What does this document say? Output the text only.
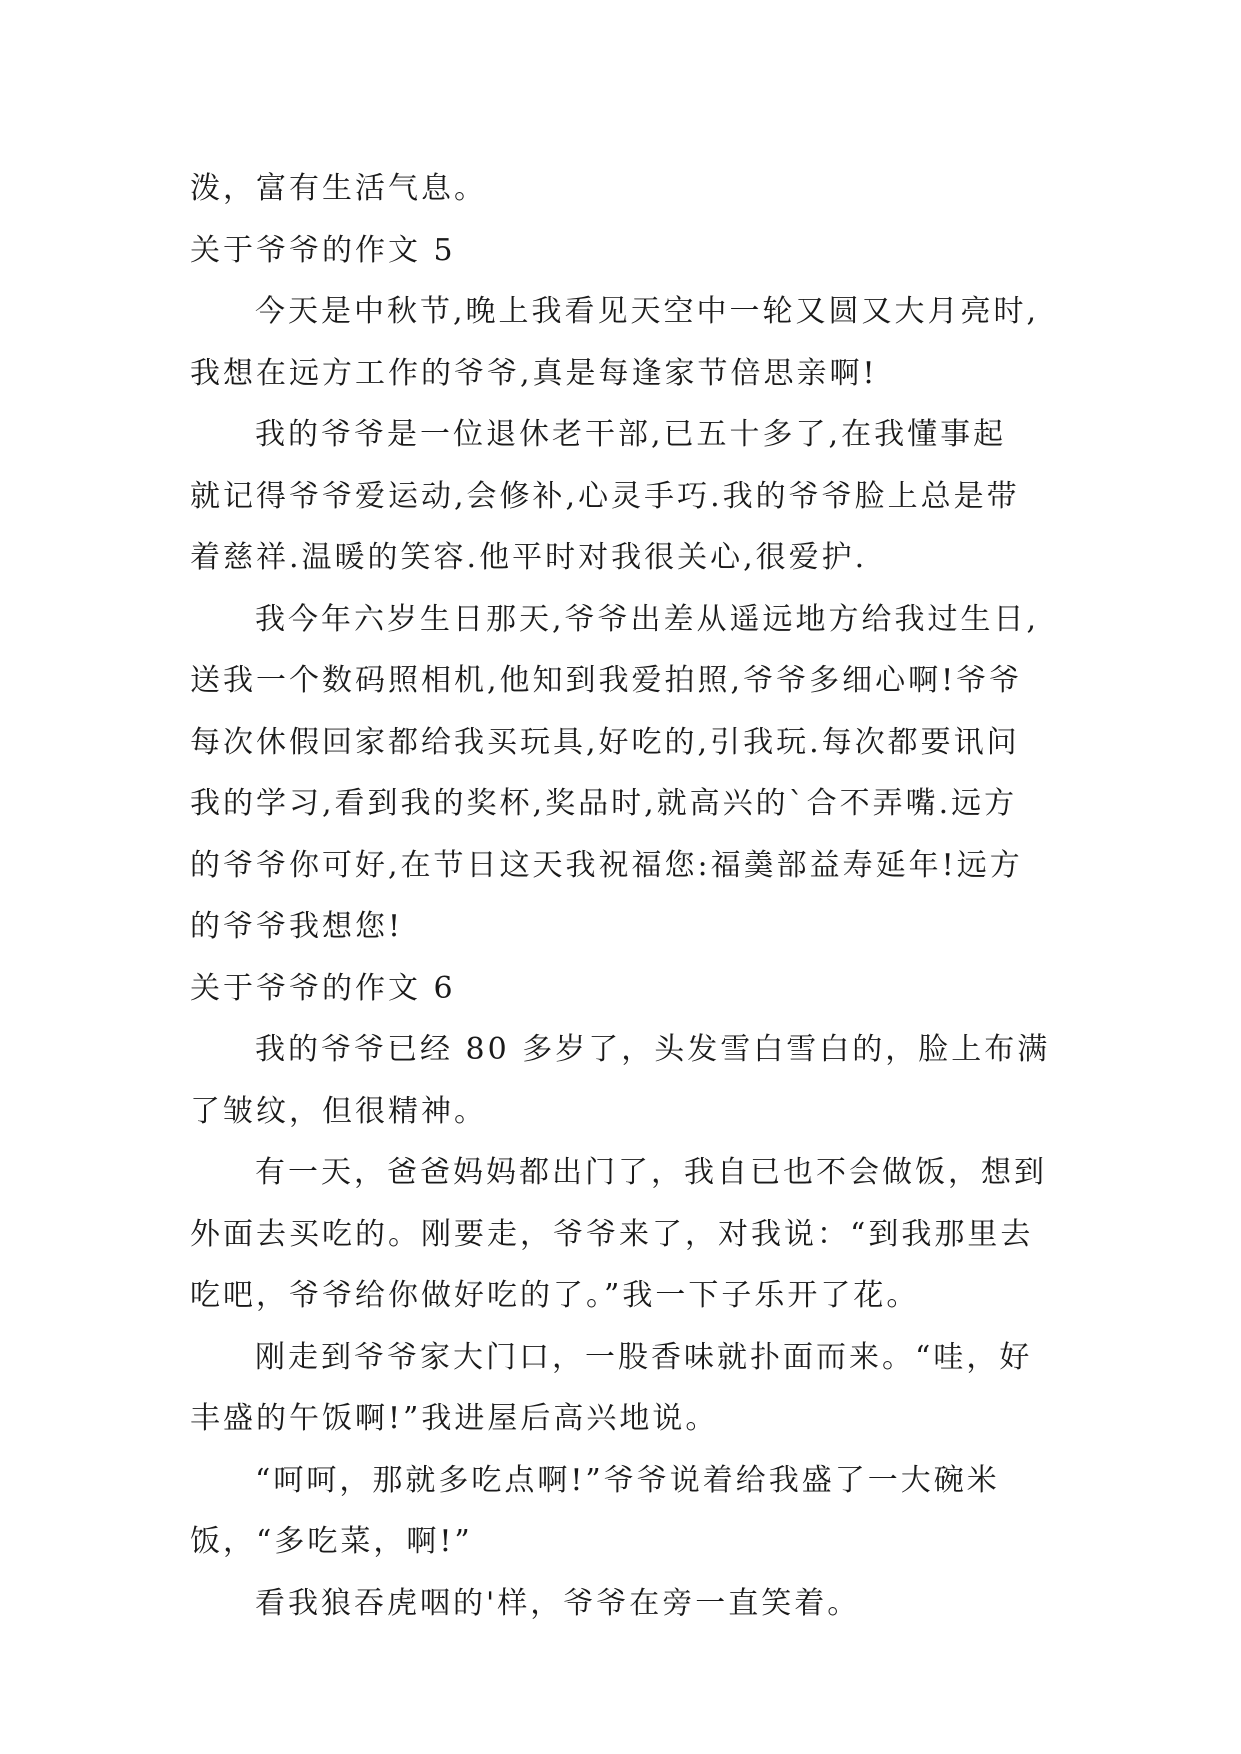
泼，富有生活气息。
关于爷爷的作文 5
今天是中秋节,晚上我看见天空中一轮又圆又大月亮时,
我想在远方工作的爷爷,真是每逢家节倍思亲啊!
我的爷爷是一位退休老干部,已五十多了,在我懂事起
就记得爷爷爱运动,会修补,心灵手巧.我的爷爷脸上总是带
着慈祥.温暖的笑容.他平时对我很关心,很爱护.
我今年六岁生日那天,爷爷出差从遥远地方给我过生日,
送我一个数码照相机,他知到我爱拍照,爷爷多细心啊!爷爷
每次休假回家都给我买玩具,好吃的,引我玩.每次都要讯问
我的学习,看到我的奖杯,奖品时,就高兴的`合不弄嘴.远方
的爷爷你可好,在节日这天我祝福您:福羮部益寿延年!远方
的爷爷我想您!
关于爷爷的作文 6
我的爷爷已经 80 多岁了，头发雪白雪白的，脸上布满
了皱纹，但很精神。
有一天，爸爸妈妈都出门了，我自已也不会做饭，想到
外面去买吃的。刚要走，爷爷来了，对我说：“到我那里去
吃吧，爷爷给你做好吃的了。”我一下子乐开了花。
刚走到爷爷家大门口，一股香味就扑面而来。“哇，好
丰盛的午饭啊!”我进屋后高兴地说。
“呵呵，那就多吃点啊!”爷爷说着给我盛了一大碗米
饭，“多吃菜，啊!”
看我狼吞虎咽的'样，爷爷在旁一直笑着。
